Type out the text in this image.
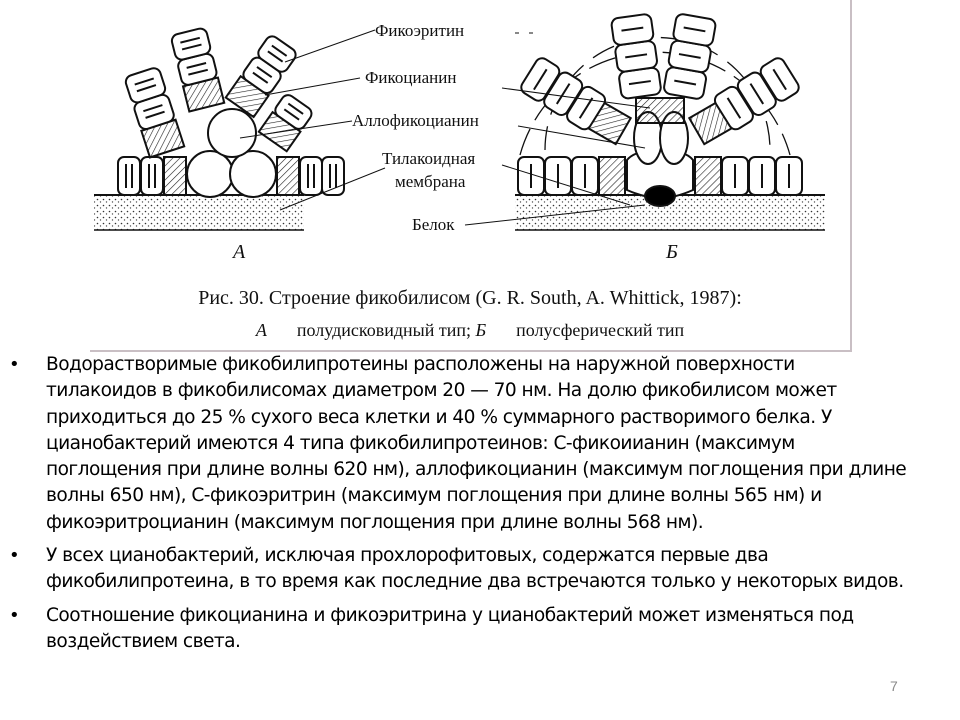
Фикоэритин
Фикоцианин
Аллофикоцианин
Тилакоидная
мембрана
Белок
А	Б
Рис. 30. Строение фикобилисом (G. R. South, A. Whittick, 1987):
А полудисковидный тип; Б полусферический тип
• Водорастворимые фикобилипротеины расположены на наружной поверхности тилакоидов в фикобилисомах диаметром 20 — 70 нм. На долю фикобилисом может приходиться до 25 % сухого веса клетки и 40 % суммарного растворимого белка. У цианобактерий имеются 4 типа фикобилипротеинов: С-фикоиианин (максимум поглощения при длине волны 620 нм), аллофикоцианин (максимум поглощения при длине волны 650 нм), С-фикоэритрин (максимум поглощения при длине волны 565 нм) и фикоэритроцианин (максимум поглощения при длине волны 568 нм).
• У всех цианобактерий, исключая прохлорофитовых, содержатся первые два фикобилипротеина, в то время как последние два встречаются только у некоторых видов.
• Соотношение фикоцианина и фикоэритрина у цианобактерий может изменяться под воздействием света.
7
